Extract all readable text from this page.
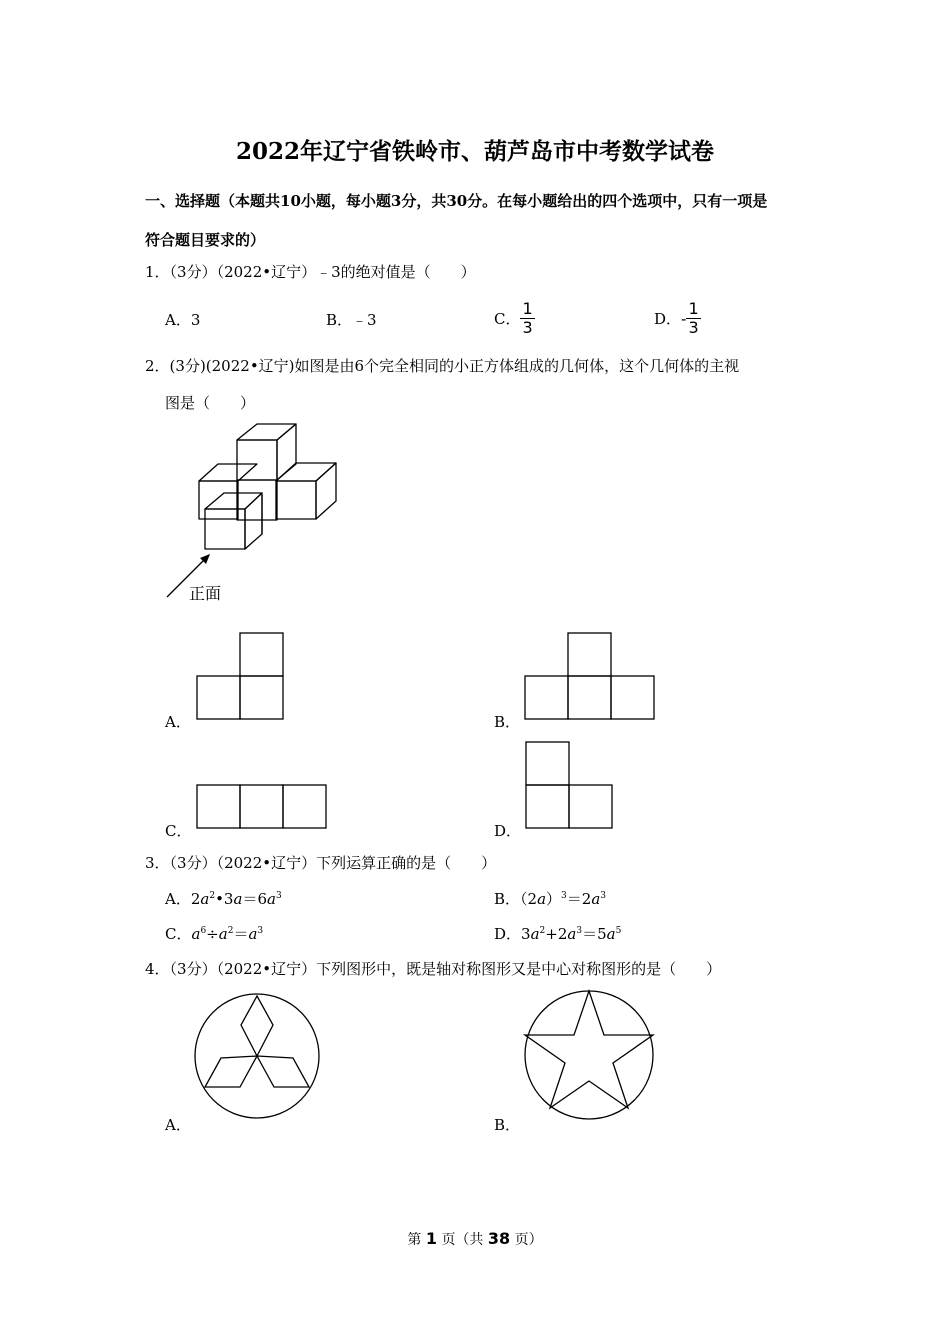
2022年辽宁省铁岭市、葫芦岛市中考数学试卷
一、选择题（本题共10小题，每小题3分，共30分。在每小题给出的四个选项中，只有一项是
符合题目要求的）
1．（3分）（2022•辽宁）﹣3的绝对值是（　　）
A．3	B．﹣3	C． $\frac{1}{3}$	D．- $\frac{1}{3}$
2．(3分)(2022•辽宁)如图是由6个完全相同的小正方体组成的几何体，这个几何体的主视
图是（　　）
A．	B．
C．	D．
正面
3．（3分）（2022•辽宁）下列运算正确的是（　　）
A．$2a^2•3a=6a^3$	B．$(2a)^3=2a^3$
C．$a^6\div a^2=a^3$	D．$3a^2+2a^3=5a^5$
4．（3分）（2022•辽宁）下列图形中，既是轴对称图形又是中心对称图形的是（　　）
A．	B．
第 1 页（共 38 页）
